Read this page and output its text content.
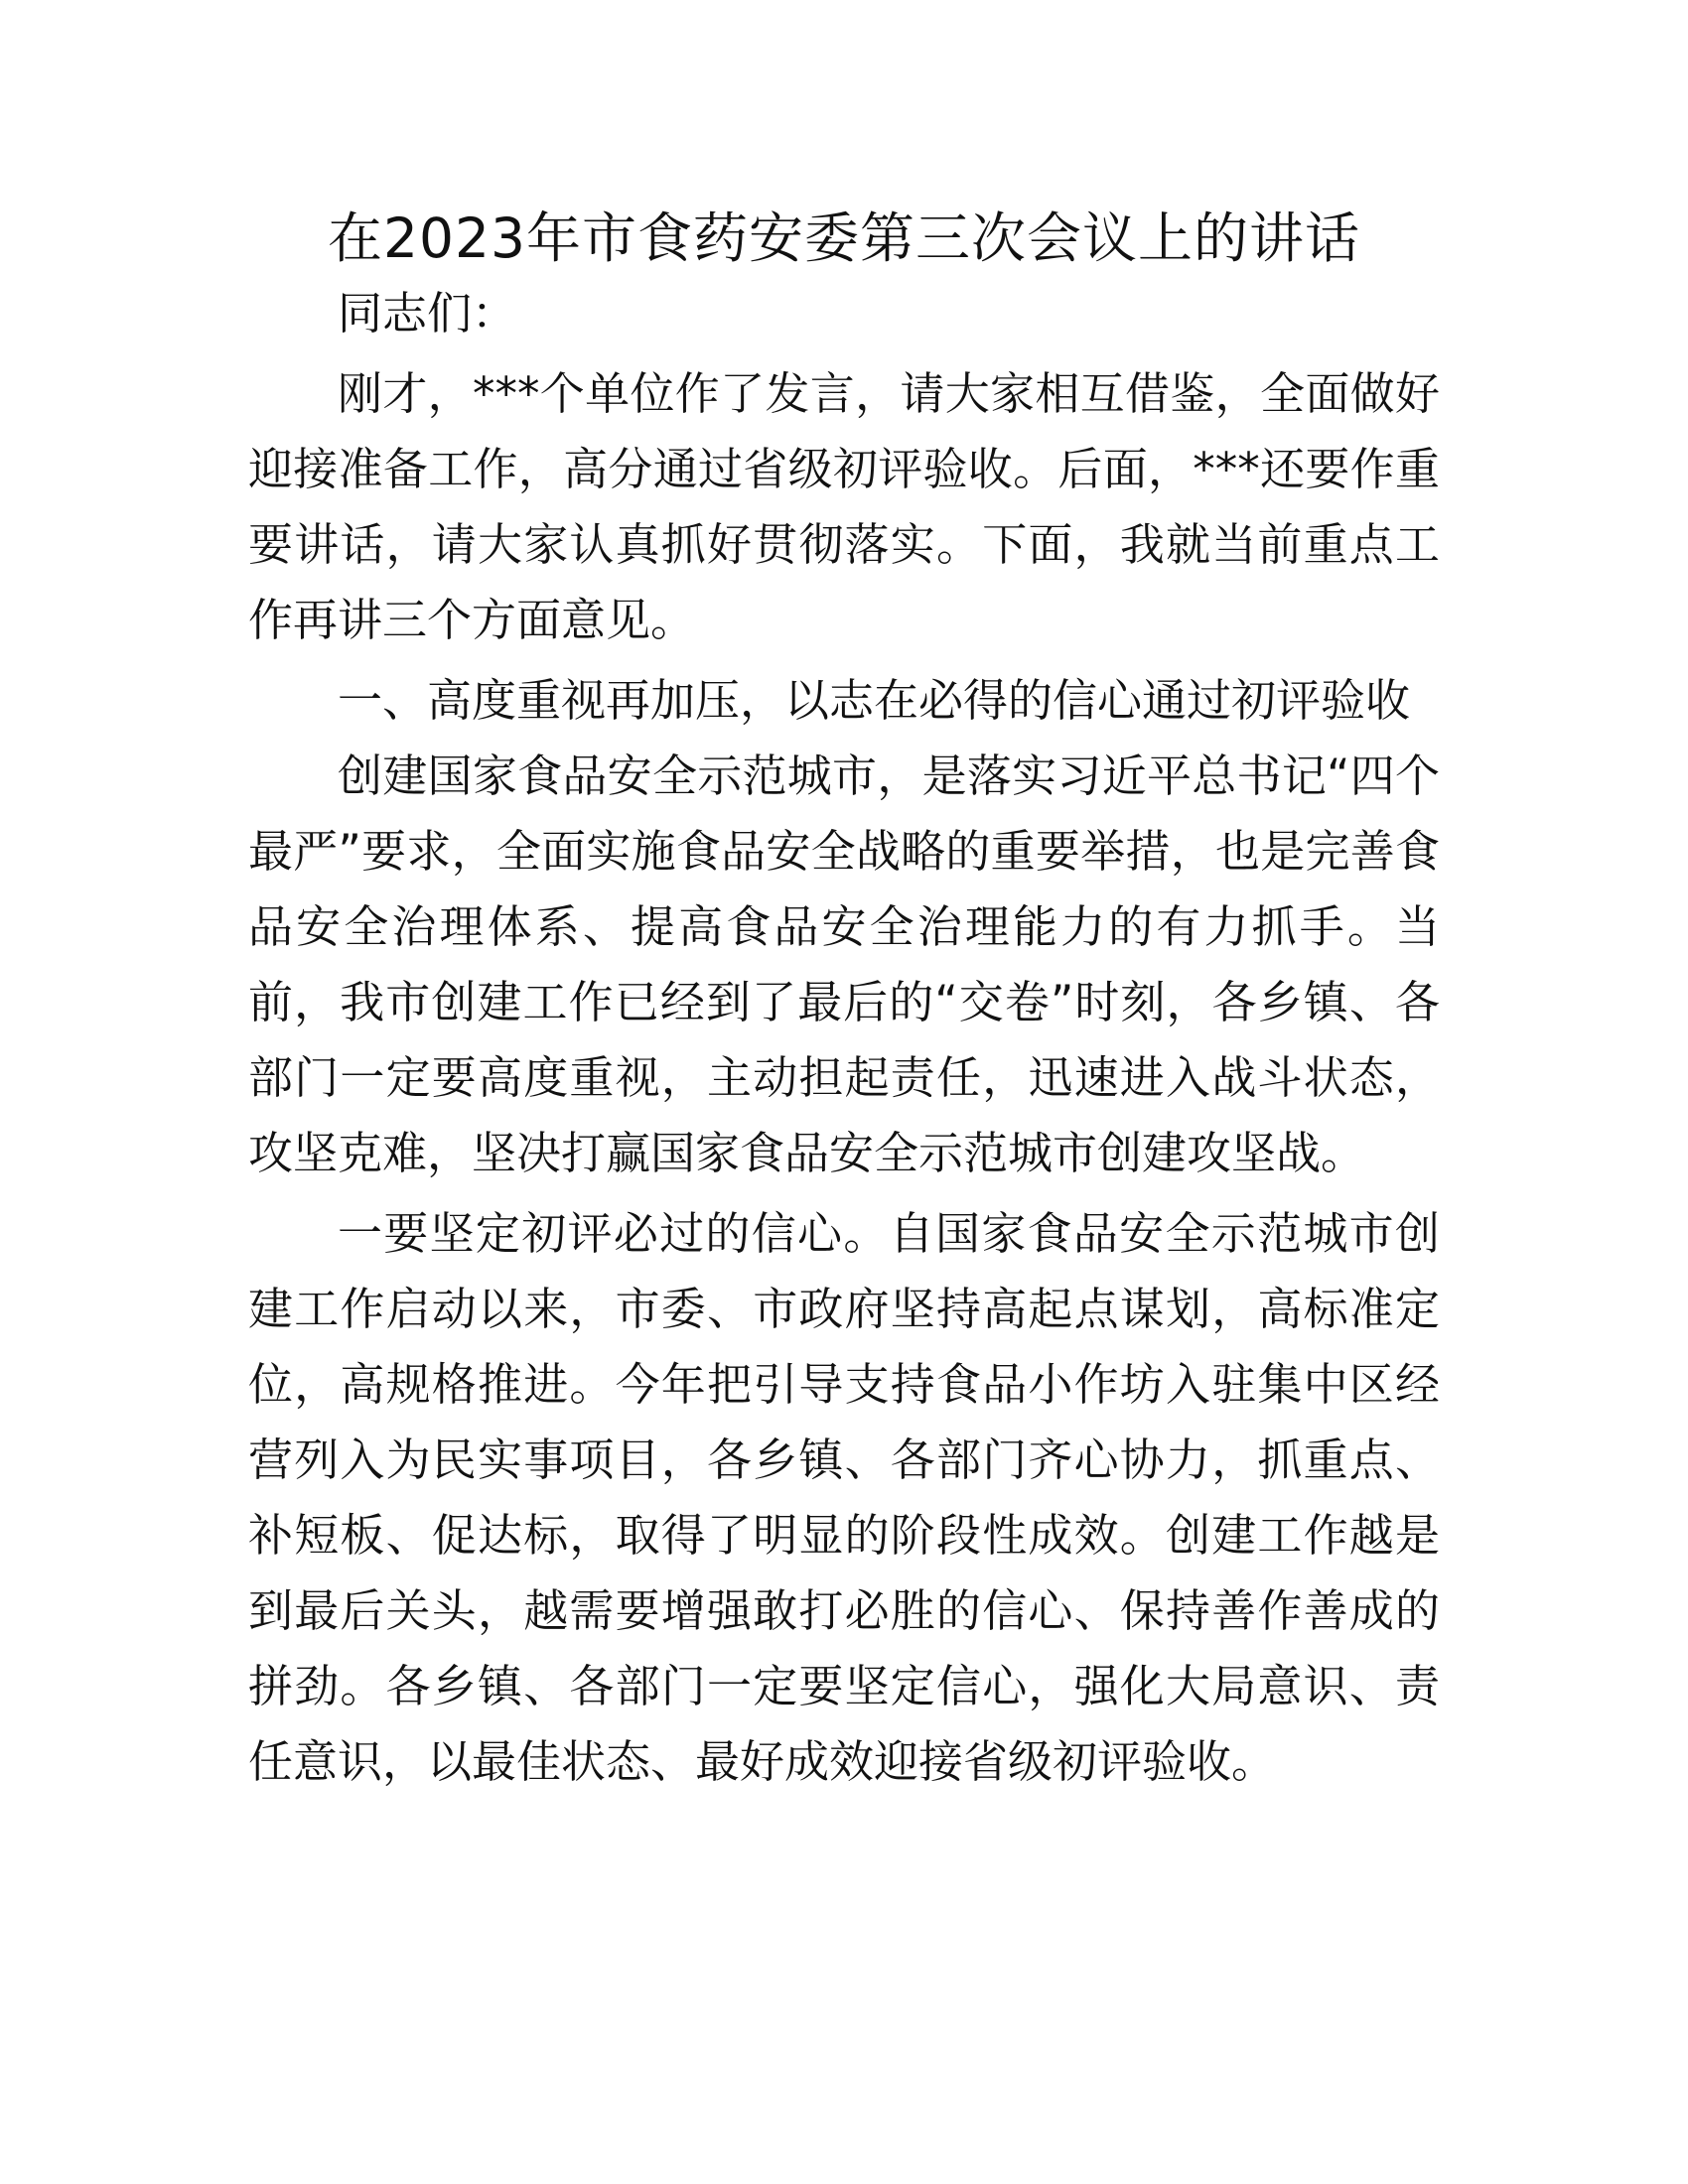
在2023年市食药安委第三次会议上的讲话

同志们：

刚才，***个单位作了发言，请大家相互借鉴，全面做好迎接准备工作，高分通过省级初评验收。后面，***还要作重要讲话，请大家认真抓好贯彻落实。下面，我就当前重点工作再讲三个方面意见。

一、高度重视再加压，以志在必得的信心通过初评验收

创建国家食品安全示范城市，是落实习近平总书记“四个最严”要求，全面实施食品安全战略的重要举措，也是完善食品安全治理体系、提高食品安全治理能力的有力抓手。当前，我市创建工作已经到了最后的“交卷”时刻，各乡镇、各部门一定要高度重视，主动担起责任，迅速进入战斗状态，攻坚克难，坚决打赢国家食品安全示范城市创建攻坚战。

一要坚定初评必过的信心。自国家食品安全示范城市创建工作启动以来，市委、市政府坚持高起点谋划，高标准定位，高规格推进。今年把引导支持食品小作坊入驻集中区经营列入为民实事项目，各乡镇、各部门齐心协力，抓重点、补短板、促达标，取得了明显的阶段性成效。创建工作越是到最后关头，越需要增强敢打必胜的信心、保持善作善成的拼劲。各乡镇、各部门一定要坚定信心，强化大局意识、责任意识，以最佳状态、最好成效迎接省级初评验收。
